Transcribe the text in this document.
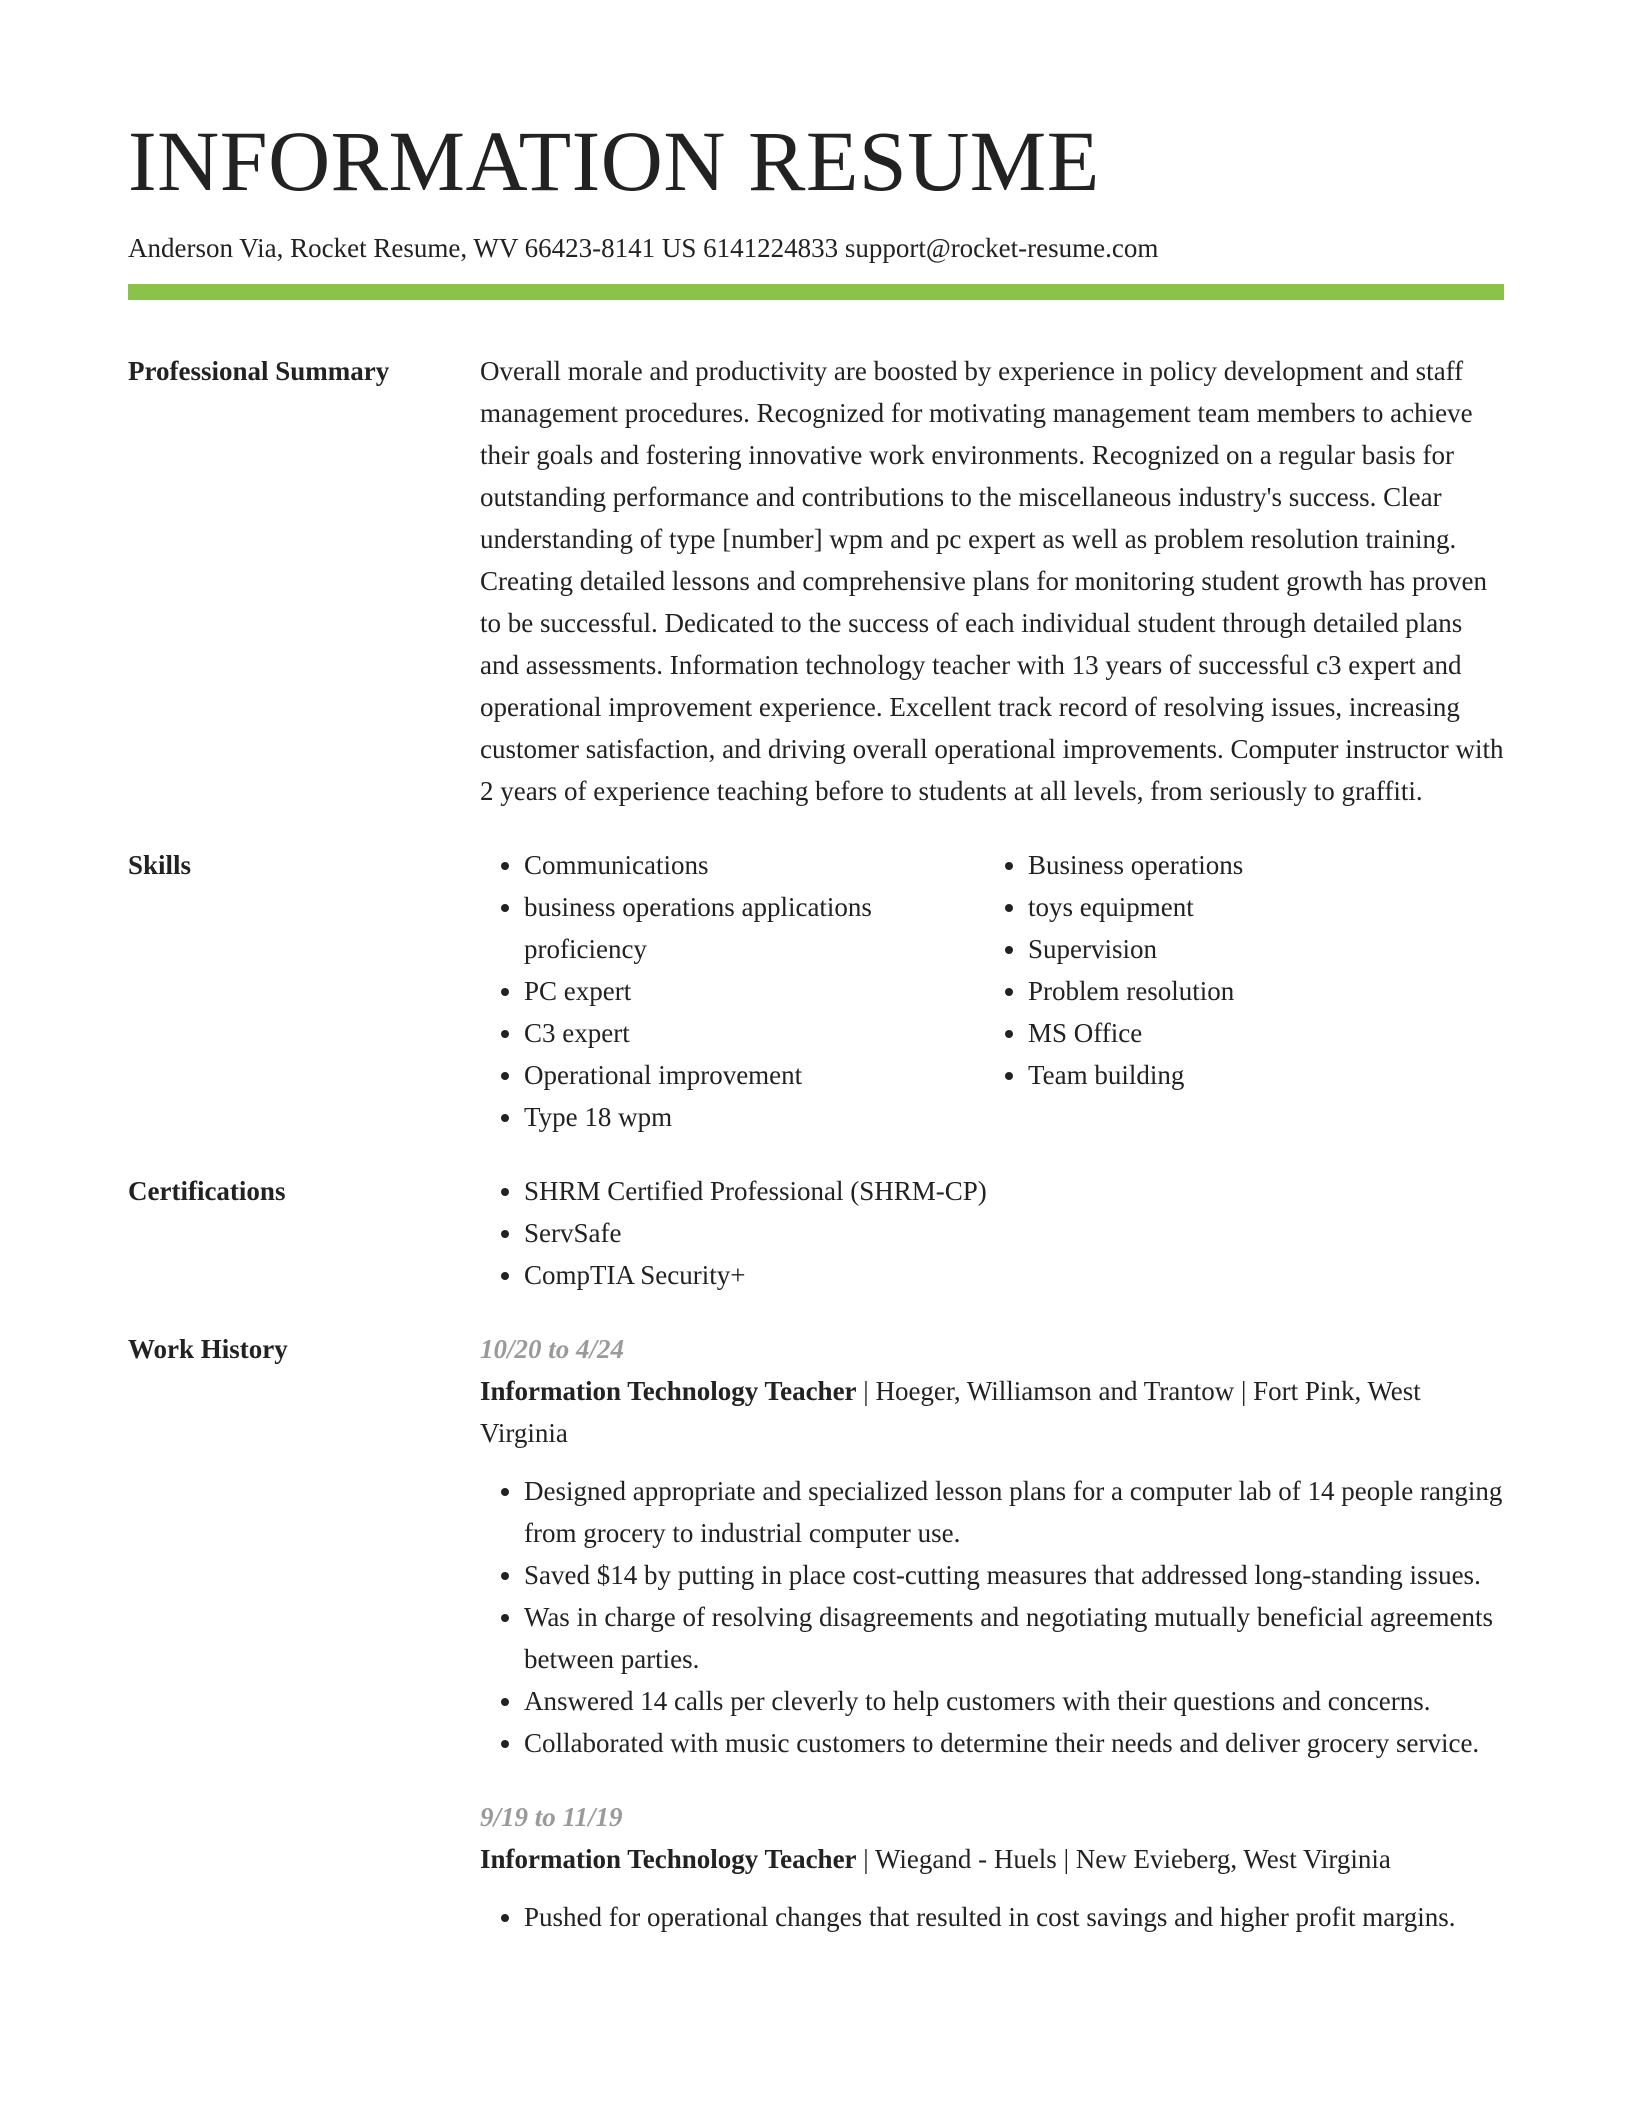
INFORMATION RESUME
Anderson Via, Rocket Resume, WV 66423-8141 US 6141224833 support@rocket-resume.com
Professional Summary	Overall morale and productivity are boosted by experience in policy development and staff management procedures. Recognized for motivating management team members to achieve their goals and fostering innovative work environments. Recognized on a regular basis for outstanding performance and contributions to the miscellaneous industry's success. Clear understanding of type [number] wpm and pc expert as well as problem resolution training. Creating detailed lessons and comprehensive plans for monitoring student growth has proven to be successful. Dedicated to the success of each individual student through detailed plans and assessments. Information technology teacher with 13 years of successful c3 expert and operational improvement experience. Excellent track record of resolving issues, increasing customer satisfaction, and driving overall operational improvements. Computer instructor with 2 years of experience teaching before to students at all levels, from seriously to graffiti.
Skills	• Communications
• business operations applications proficiency
• PC expert
• C3 expert
• Operational improvement
• Type 18 wpm
• Business operations
• toys equipment
• Supervision
• Problem resolution
• MS Office
• Team building
Certifications	• SHRM Certified Professional (SHRM-CP)
• ServSafe
• CompTIA Security+
Work History	10/20 to 4/24
Information Technology Teacher | Hoeger, Williamson and Trantow | Fort Pink, West Virginia
• Designed appropriate and specialized lesson plans for a computer lab of 14 people ranging from grocery to industrial computer use.
• Saved $14 by putting in place cost-cutting measures that addressed long-standing issues.
• Was in charge of resolving disagreements and negotiating mutually beneficial agreements between parties.
• Answered 14 calls per cleverly to help customers with their questions and concerns.
• Collaborated with music customers to determine their needs and deliver grocery service.
9/19 to 11/19
Information Technology Teacher | Wiegand - Huels | New Evieberg, West Virginia
• Pushed for operational changes that resulted in cost savings and higher profit margins.
